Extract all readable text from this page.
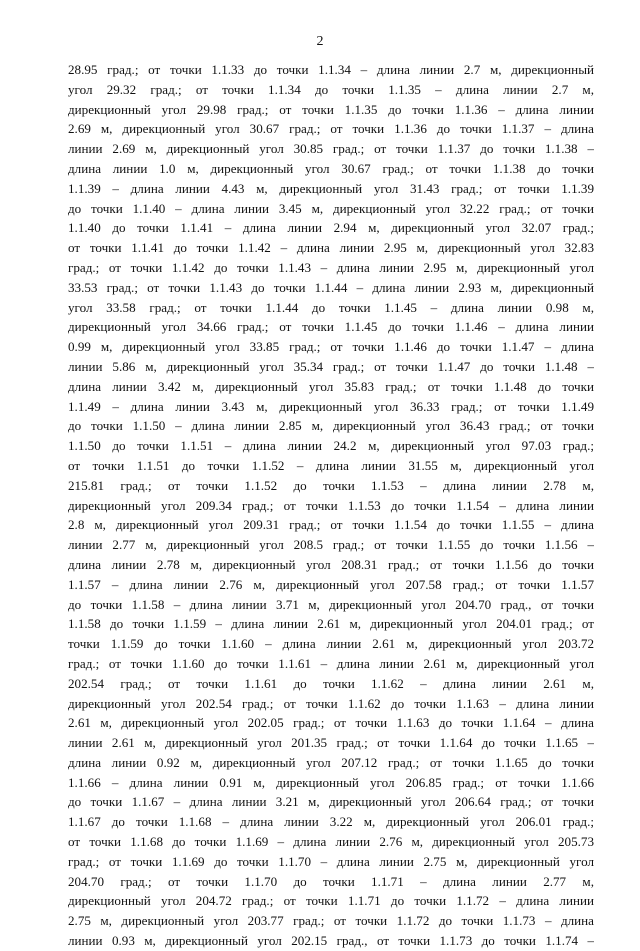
2
28.95 град.; от точки 1.1.33 до точки 1.1.34 – длина линии 2.7 м, дирекционный
угол 29.32 град.; от точки 1.1.34 до точки 1.1.35 – длина линии 2.7 м,
дирекционный угол 29.98 град.; от точки 1.1.35 до точки 1.1.36 – длина линии
2.69 м, дирекционный угол 30.67 град.; от точки 1.1.36 до точки 1.1.37 – длина
линии 2.69 м, дирекционный угол 30.85 град.; от точки 1.1.37 до точки 1.1.38 –
длина линии 1.0 м, дирекционный угол 30.67 град.; от точки 1.1.38 до точки
1.1.39 – длина линии 4.43 м, дирекционный угол 31.43 град.; от точки 1.1.39
до точки 1.1.40 – длина линии 3.45 м, дирекционный угол 32.22 град.; от точки
1.1.40 до точки 1.1.41 – длина линии 2.94 м, дирекционный угол 32.07 град.;
от точки 1.1.41 до точки 1.1.42 – длина линии 2.95 м, дирекционный угол 32.83
град.; от точки 1.1.42 до точки 1.1.43 – длина линии 2.95 м, дирекционный угол
33.53 град.; от точки 1.1.43 до точки 1.1.44 – длина линии 2.93 м, дирекционный
угол 33.58 град.; от точки 1.1.44 до точки 1.1.45 – длина линии 0.98 м,
дирекционный угол 34.66 град.; от точки 1.1.45 до точки 1.1.46 – длина линии
0.99 м, дирекционный угол 33.85 град.; от точки 1.1.46 до точки 1.1.47 – длина
линии 5.86 м, дирекционный угол 35.34 град.; от точки 1.1.47 до точки 1.1.48 –
длина линии 3.42 м, дирекционный угол 35.83 град.; от точки 1.1.48 до точки
1.1.49 – длина линии 3.43 м, дирекционный угол 36.33 град.; от точки 1.1.49
до точки 1.1.50 – длина линии 2.85 м, дирекционный угол 36.43 град.; от точки
1.1.50 до точки 1.1.51 – длина линии 24.2 м, дирекционный угол 97.03 град.;
от точки 1.1.51 до точки 1.1.52 – длина линии 31.55 м, дирекционный угол
215.81 град.; от точки 1.1.52 до точки 1.1.53 – длина линии 2.78 м,
дирекционный угол 209.34 град.; от точки 1.1.53 до точки 1.1.54 – длина линии
2.8 м, дирекционный угол 209.31 град.; от точки 1.1.54 до точки 1.1.55 – длина
линии 2.77 м, дирекционный угол 208.5 град.; от точки 1.1.55 до точки 1.1.56 –
длина линии 2.78 м, дирекционный угол 208.31 град.; от точки 1.1.56 до точки
1.1.57 – длина линии 2.76 м, дирекционный угол 207.58 град.; от точки 1.1.57
до точки 1.1.58 – длина линии 3.71 м, дирекционный угол 204.70 град., от точки
1.1.58 до точки 1.1.59 – длина линии 2.61 м, дирекционный угол 204.01 град.; от
точки 1.1.59 до точки 1.1.60 – длина линии 2.61 м, дирекционный угол 203.72
град.; от точки 1.1.60 до точки 1.1.61 – длина линии 2.61 м, дирекционный угол
202.54 град.; от точки 1.1.61 до точки 1.1.62 – длина линии 2.61 м,
дирекционный угол 202.54 град.; от точки 1.1.62 до точки 1.1.63 – длина линии
2.61 м, дирекционный угол 202.05 град.; от точки 1.1.63 до точки 1.1.64 – длина
линии 2.61 м, дирекционный угол 201.35 град.; от точки 1.1.64 до точки 1.1.65 –
длина линии 0.92 м, дирекционный угол 207.12 град.; от точки 1.1.65 до точки
1.1.66 – длина линии 0.91 м, дирекционный угол 206.85 град.; от точки 1.1.66
до точки 1.1.67 – длина линии 3.21 м, дирекционный угол 206.64 град.; от точки
1.1.67 до точки 1.1.68 – длина линии 3.22 м, дирекционный угол 206.01 град.;
от точки 1.1.68 до точки 1.1.69 – длина линии 2.76 м, дирекционный угол 205.73
град.; от точки 1.1.69 до точки 1.1.70 – длина линии 2.75 м, дирекционный угол
204.70 град.; от точки 1.1.70 до точки 1.1.71 – длина линии 2.77 м,
дирекционный угол 204.72 град.; от точки 1.1.71 до точки 1.1.72 – длина линии
2.75 м, дирекционный угол 203.77 град.; от точки 1.1.72 до точки 1.1.73 – длина
линии 0.93 м, дирекционный угол 202.15 град., от точки 1.1.73 до точки 1.1.74 –
